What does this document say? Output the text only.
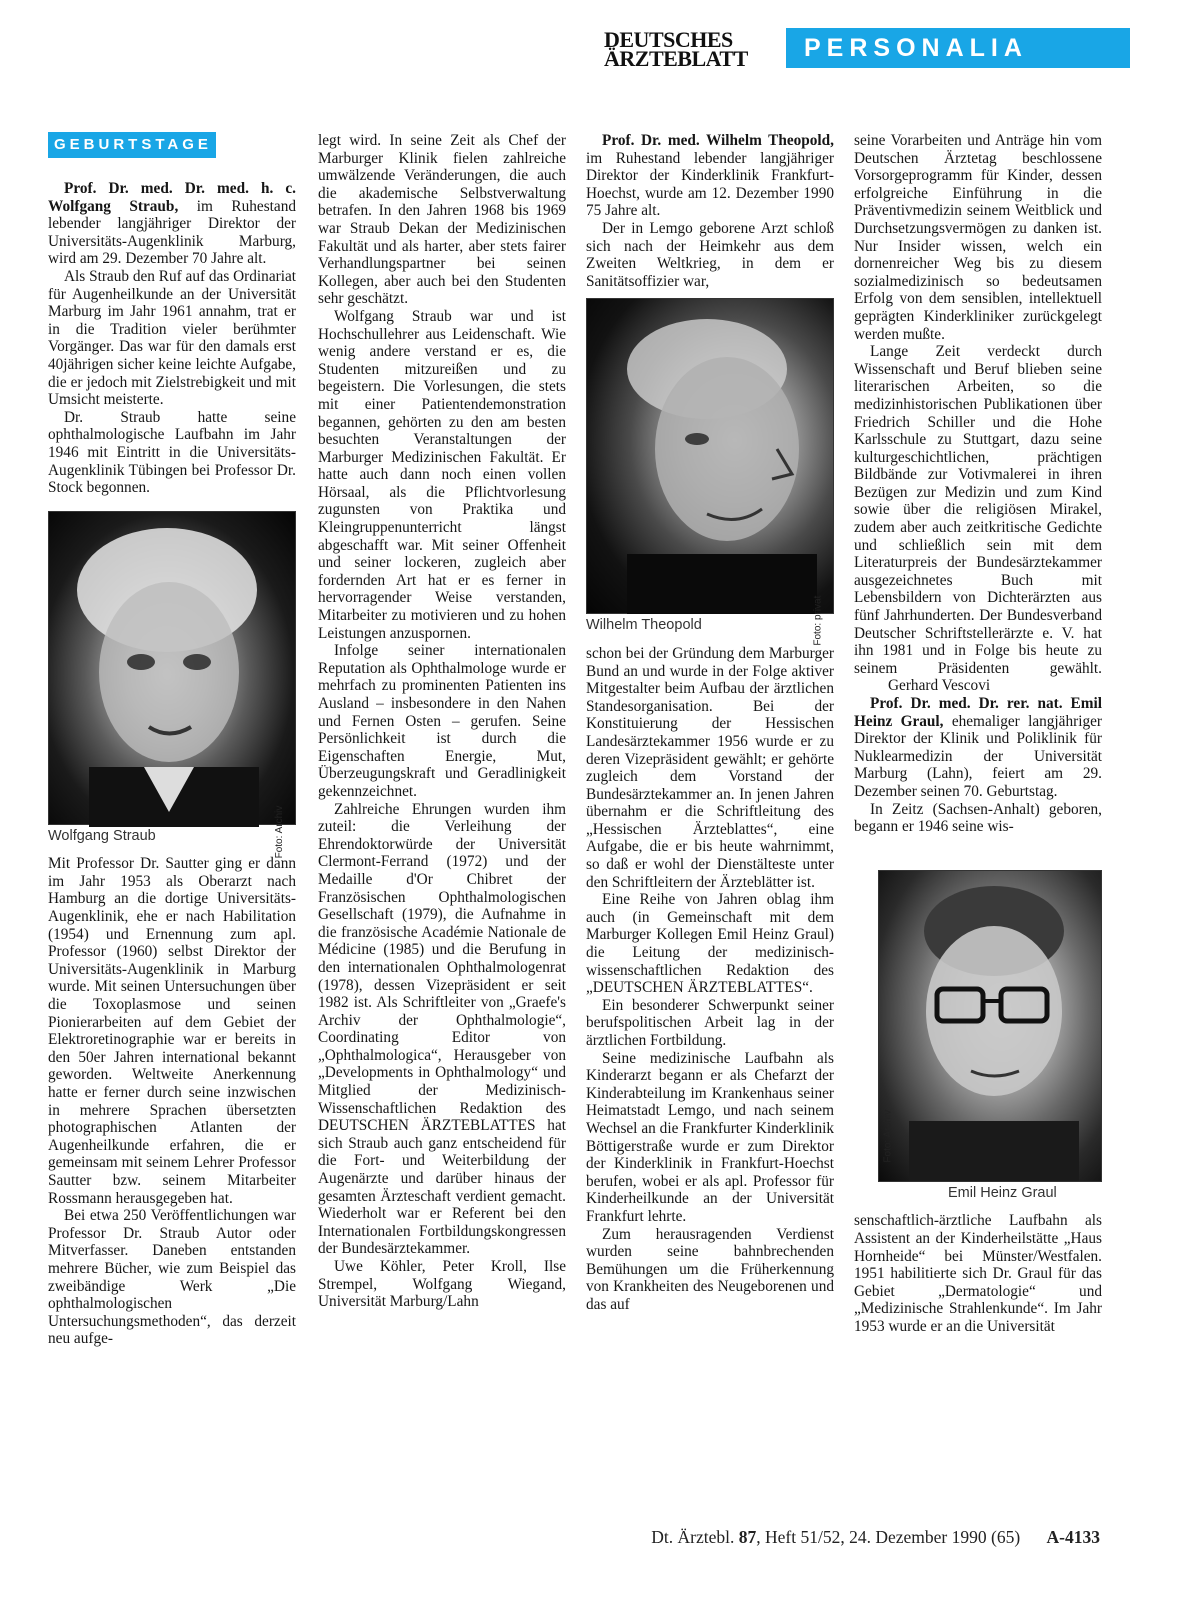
DEUTSCHES
ÄRZTEBLATT	PERSONALIA
GEBURTSTAGE

Prof. Dr. med. Dr. med. h. c. Wolfgang Straub, im Ruhestand lebender langjähriger Direktor der Universitäts-Augenklinik Marburg, wird am 29. Dezember 70 Jahre alt.

Als Straub den Ruf auf das Ordinariat für Augenheilkunde an der Universität Marburg im Jahr 1961 annahm, trat er in die Tradition vieler berühmter Vorgänger. Das war für den damals erst 40jährigen sicher keine leichte Aufgabe, die er jedoch mit Zielstrebigkeit und mit Umsicht meisterte.

Dr. Straub hatte seine ophthalmologische Laufbahn im Jahr 1946 mit Eintritt in die Universitäts-Augenklinik Tübingen bei Professor Dr. Stock begonnen.

Foto: Archiv
Wolfgang Straub

Mit Professor Dr. Sautter ging er dann im Jahr 1953 als Oberarzt nach Hamburg an die dortige Universitäts-Augenklinik, ehe er nach Habilitation (1954) und Ernennung zum apl. Professor (1960) selbst Direktor der Universitäts-Augenklinik in Marburg wurde. Mit seinen Untersuchungen über die Toxoplasmose und seinen Pionierarbeiten auf dem Gebiet der Elektroretinographie war er bereits in den 50er Jahren international bekannt geworden. Weltweite Anerkennung hatte er ferner durch seine inzwischen in mehrere Sprachen übersetzten photographischen Atlanten der Augenheilkunde erfahren, die er gemeinsam mit seinem Lehrer Professor Sautter bzw. seinem Mitarbeiter Rossmann herausgegeben hat.

Bei etwa 250 Veröffentlichungen war Professor Dr. Straub Autor oder Mitverfasser. Daneben entstanden mehrere Bücher, wie zum Beispiel das zweibändige Werk „Die ophthalmologischen Untersuchungsmethoden“, das derzeit neu aufge-

legt wird. In seine Zeit als Chef der Marburger Klinik fielen zahlreiche umwälzende Veränderungen, die auch die akademische Selbstverwaltung betrafen. In den Jahren 1968 bis 1969 war Straub Dekan der Medizinischen Fakultät und als harter, aber stets fairer Verhandlungspartner bei seinen Kollegen, aber auch bei den Studenten sehr geschätzt.

Wolfgang Straub war und ist Hochschullehrer aus Leidenschaft. Wie wenig andere verstand er es, die Studenten mitzureißen und zu begeistern. Die Vorlesungen, die stets mit einer Patientendemonstration begannen, gehörten zu den am besten besuchten Veranstaltungen der Marburger Medizinischen Fakultät. Er hatte auch dann noch einen vollen Hörsaal, als die Pflichtvorlesung zugunsten von Praktika und Kleingruppenunterricht längst abgeschafft war. Mit seiner Offenheit und seiner lockeren, zugleich aber fordernden Art hat er es ferner in hervorragender Weise verstanden, Mitarbeiter zu motivieren und zu hohen Leistungen anzuspornen.

Infolge seiner internationalen Reputation als Ophthalmologe wurde er mehrfach zu prominenten Patienten ins Ausland – insbesondere in den Nahen und Fernen Osten – gerufen. Seine Persönlichkeit ist durch die Eigenschaften Energie, Mut, Überzeugungskraft und Geradlinigkeit gekennzeichnet.

Zahlreiche Ehrungen wurden ihm zuteil: die Verleihung der Ehrendoktorwürde der Universität Clermont-Ferrand (1972) und der Medaille d'Or Chibret der Französischen Ophthalmologischen Gesellschaft (1979), die Aufnahme in die französische Académie Nationale de Médicine (1985) und die Berufung in den internationalen Ophthalmologenrat (1978), dessen Vizepräsident er seit 1982 ist. Als Schriftleiter von „Graefe's Archiv der Ophthalmologie“, Coordinating Editor von „Ophthalmologica“, Herausgeber von „Developments in Ophthalmology“ und Mitglied der Medizinisch-Wissenschaftlichen Redaktion des DEUTSCHEN ÄRZTEBLATTES hat sich Straub auch ganz entscheidend für die Fort- und Weiterbildung der Augenärzte und darüber hinaus der gesamten Ärzteschaft verdient gemacht. Wiederholt war er Referent bei den Internationalen Fortbildungskongressen der Bundesärztekammer.

Uwe Köhler, Peter Kroll, Ilse Strempel, Wolfgang Wiegand, Universität Marburg/Lahn

Prof. Dr. med. Wilhelm Theopold, im Ruhestand lebender langjähriger Direktor der Kinderklinik Frankfurt-Hoechst, wurde am 12. Dezember 1990 75 Jahre alt.

Der in Lemgo geborene Arzt schloß sich nach der Heimkehr aus dem Zweiten Weltkrieg, in dem er Sanitätsoffizier war,

Foto: privat
Wilhelm Theopold

schon bei der Gründung dem Marburger Bund an und wurde in der Folge aktiver Mitgestalter beim Aufbau der ärztlichen Standesorganisation. Bei der Konstituierung der Hessischen Landesärztekammer 1956 wurde er zu deren Vizepräsident gewählt; er gehörte zugleich dem Vorstand der Bundesärztekammer an. In jenen Jahren übernahm er die Schriftleitung des „Hessischen Ärzteblattes“, eine Aufgabe, die er bis heute wahrnimmt, so daß er wohl der Dienstälteste unter den Schriftleitern der Ärzteblätter ist.

Eine Reihe von Jahren oblag ihm auch (in Gemeinschaft mit dem Marburger Kollegen Emil Heinz Graul) die Leitung der medizinisch-wissenschaftlichen Redaktion des „DEUTSCHEN ÄRZTEBLATTES“.

Ein besonderer Schwerpunkt seiner berufspolitischen Arbeit lag in der ärztlichen Fortbildung.

Seine medizinische Laufbahn als Kinderarzt begann er als Chefarzt der Kinderabteilung im Krankenhaus seiner Heimatstadt Lemgo, und nach seinem Wechsel an die Frankfurter Kinderklinik Böttigerstraße wurde er zum Direktor der Kinderklinik in Frankfurt-Hoechst berufen, wobei er als apl. Professor für Kinderheilkunde an der Universität Frankfurt lehrte.

Zum herausragenden Verdienst wurden seine bahnbrechenden Bemühungen um die Früherkennung von Krankheiten des Neugeborenen und das auf

seine Vorarbeiten und Anträge hin vom Deutschen Ärztetag beschlossene Vorsorgeprogramm für Kinder, dessen erfolgreiche Einführung in die Präventivmedizin seinem Weitblick und Durchsetzungsvermögen zu danken ist. Nur Insider wissen, welch ein dornenreicher Weg bis zu diesem sozialmedizinisch so bedeutsamen Erfolg von dem sensiblen, intellektuell geprägten Kinderkliniker zurückgelegt werden mußte.

Lange Zeit verdeckt durch Wissenschaft und Beruf blieben seine literarischen Arbeiten, so die medizinhistorischen Publikationen über Friedrich Schiller und die Hohe Karlsschule zu Stuttgart, dazu seine kulturgeschichtlichen, prächtigen Bildbände zur Votivmalerei in ihren Bezügen zur Medizin und zum Kind sowie über die religiösen Mirakel, zudem aber auch zeitkritische Gedichte und schließlich sein mit dem Literaturpreis der Bundesärztekammer ausgezeichnetes Buch mit Lebensbildern von Dichterärzten aus fünf Jahrhunderten. Der Bundesverband Deutscher Schriftstellerärzte e. V. hat ihn 1981 und in Folge bis heute zu seinem Präsidenten gewählt. Gerhard Vescovi

Prof. Dr. med. Dr. rer. nat. Emil Heinz Graul, ehemaliger langjähriger Direktor der Klinik und Poliklinik für Nuklearmedizin der Universität Marburg (Lahn), feiert am 29. Dezember seinen 70. Geburtstag.

In Zeitz (Sachsen-Anhalt) geboren, begann er 1946 seine wis-

Foto: Archiv
Emil Heinz Graul

senschaftlich-ärztliche Laufbahn als Assistent an der Kinderheilstätte „Haus Hornheide“ bei Münster/Westfalen. 1951 habilitierte sich Dr. Graul für das Gebiet „Dermatologie“ und „Medizinische Strahlenkunde“. Im Jahr 1953 wurde er an die Universität

Dt. Ärztebl. 87, Heft 51/52, 24. Dezember 1990 (65) A-4133
